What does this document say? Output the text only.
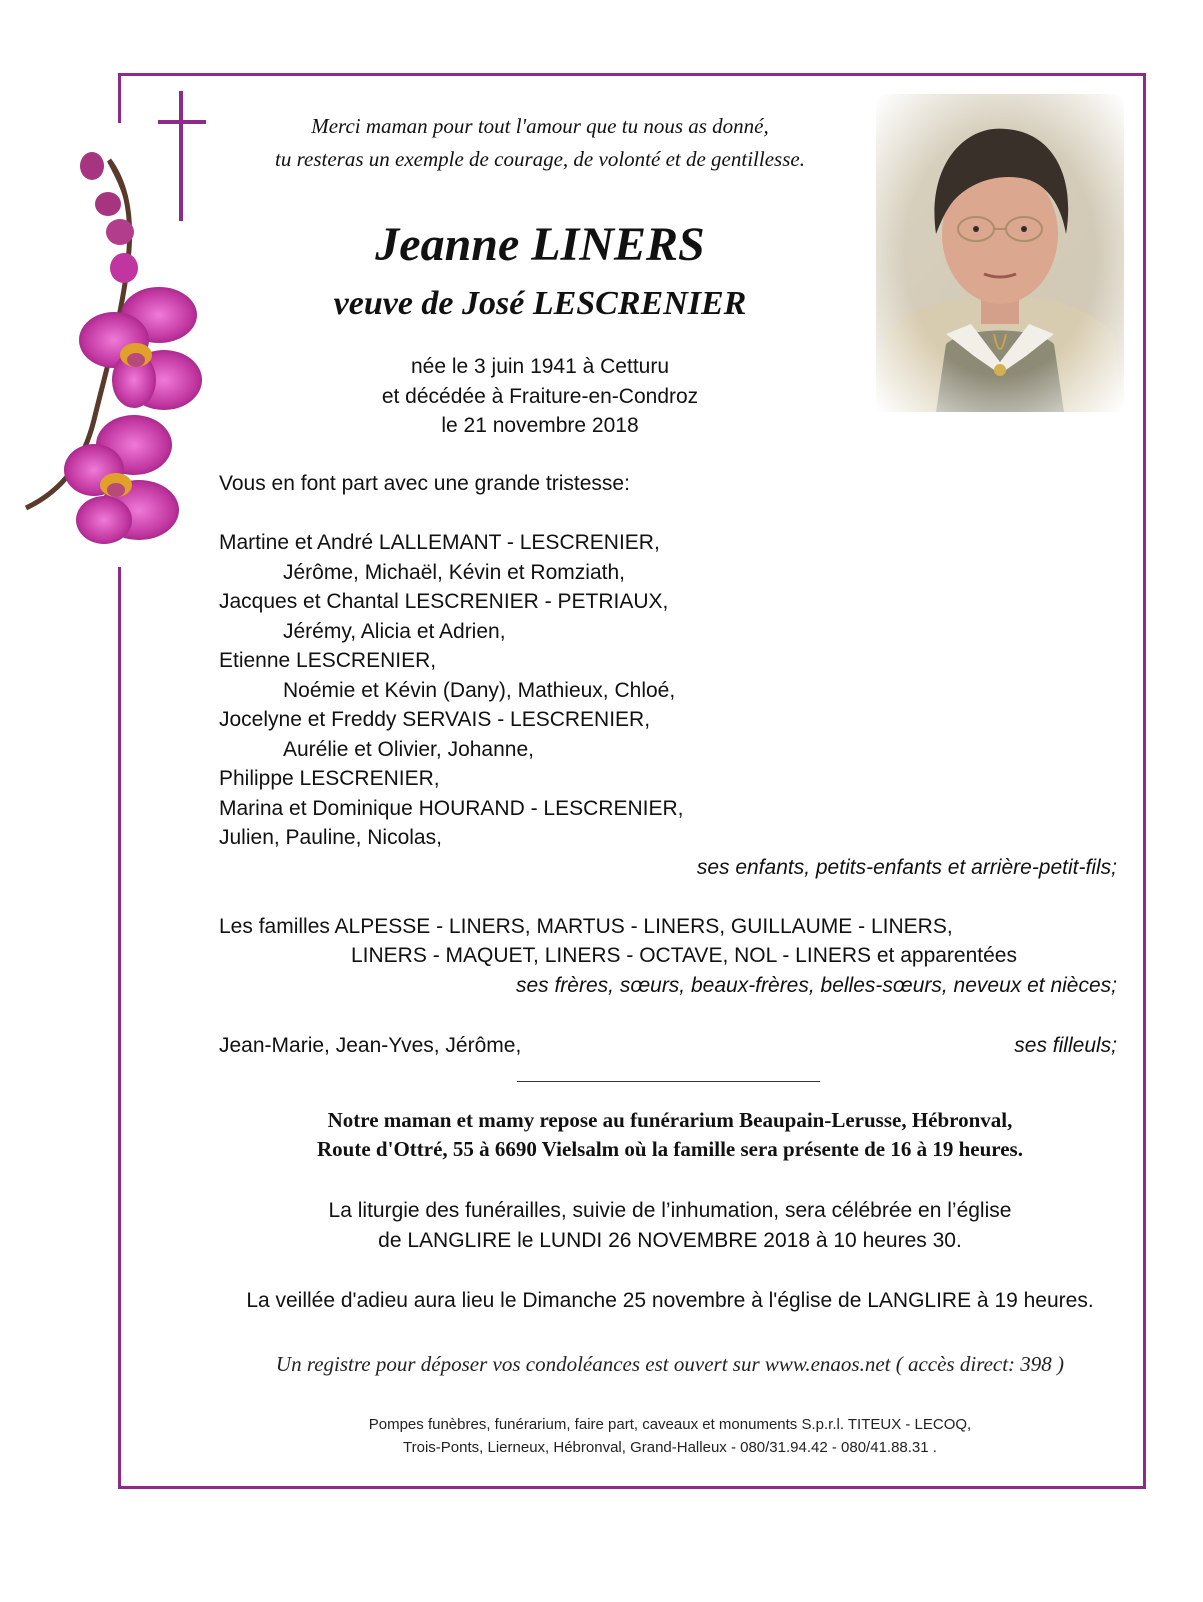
Merci maman pour tout l'amour que tu nous as donné,
tu resteras un exemple de courage, de volonté et de gentillesse.
Jeanne LINERS
veuve de José LESCRENIER
née le 3 juin 1941 à Cetturu
et décédée à Fraiture-en-Condroz
le 21 novembre 2018
Vous en font part avec une grande tristesse:
Martine et André LALLEMANT - LESCRENIER,
Jérôme, Michaël, Kévin et Romziath,
Jacques et Chantal LESCRENIER - PETRIAUX,
Jérémy, Alicia et Adrien,
Etienne LESCRENIER,
Noémie et Kévin (Dany), Mathieux, Chloé,
Jocelyne et Freddy SERVAIS - LESCRENIER,
Aurélie et Olivier, Johanne,
Philippe LESCRENIER,
Marina et Dominique HOURAND - LESCRENIER,
Julien, Pauline, Nicolas,
ses enfants, petits-enfants et arrière-petit-fils;
Les familles ALPESSE - LINERS, MARTUS - LINERS, GUILLAUME - LINERS,
LINERS - MAQUET, LINERS - OCTAVE, NOL - LINERS et apparentées
ses frères, sœurs, beaux-frères, belles-sœurs, neveux et nièces;
Jean-Marie, Jean-Yves, Jérôme,	ses filleuls;
Notre maman et mamy repose au funérarium Beaupain-Lerusse, Hébronval,
Route d'Ottré, 55 à 6690 Vielsalm où la famille sera présente de 16 à 19 heures.
La liturgie des funérailles, suivie de l’inhumation, sera célébrée en l’église
de LANGLIRE le LUNDI 26 NOVEMBRE 2018 à 10 heures 30.
La veillée d'adieu aura lieu le Dimanche 25 novembre à l'église de LANGLIRE à 19 heures.
Un registre pour déposer vos condoléances est ouvert sur www.enaos.net ( accès direct: 398 )
Pompes funèbres, funérarium, faire part, caveaux et monuments S.p.r.l. TITEUX - LECOQ,
Trois-Ponts, Lierneux, Hébronval, Grand-Halleux - 080/31.94.42 - 080/41.88.31 .
